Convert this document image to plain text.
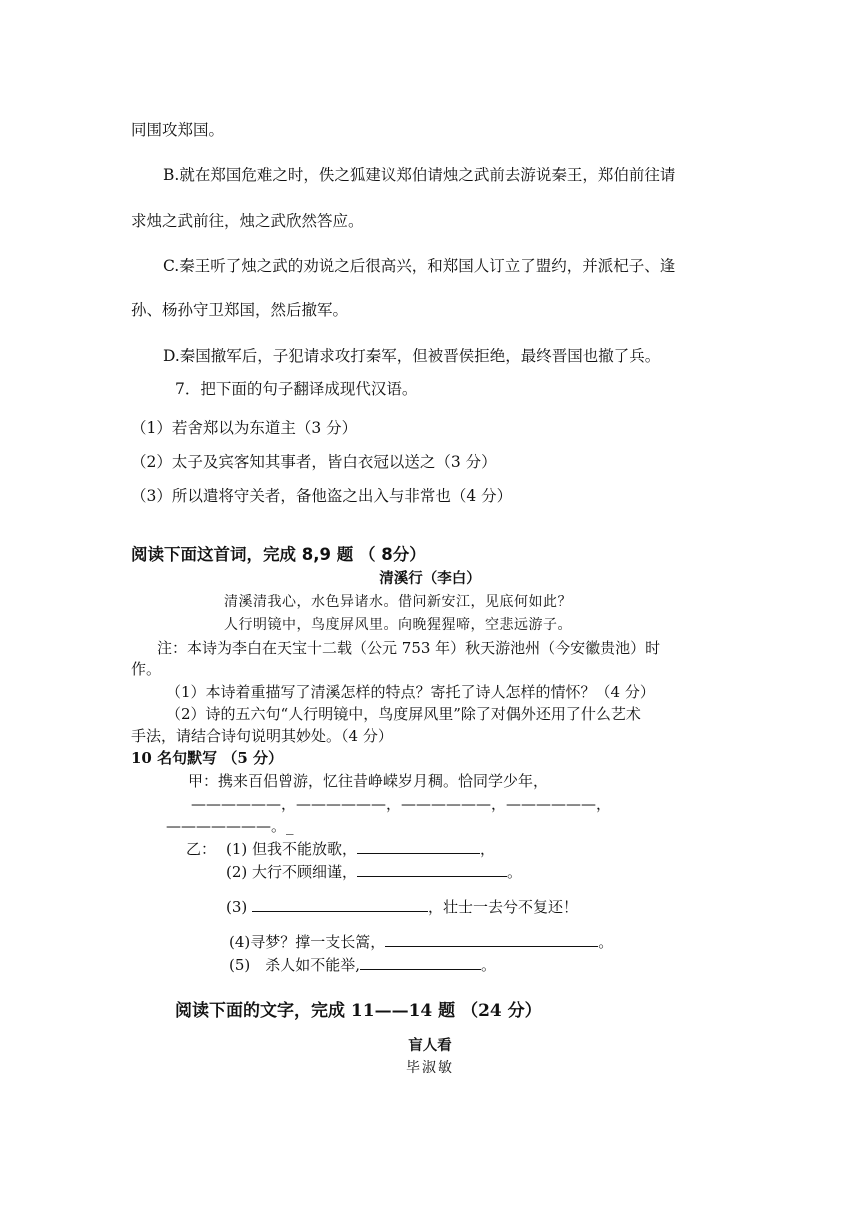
同围攻郑国。
B.就在郑国危难之时，佚之狐建议郑伯请烛之武前去游说秦王，郑伯前往请
求烛之武前往，烛之武欣然答应。
C.秦王听了烛之武的劝说之后很高兴，和郑国人订立了盟约，并派杞子、逢
孙、杨孙守卫郑国，然后撤军。
D.秦国撤军后，子犯请求攻打秦军，但被晋侯拒绝，最终晋国也撤了兵。
7．把下面的句子翻译成现代汉语。
（1）若舍郑以为东道主（3 分）
（2）太子及宾客知其事者，皆白衣冠以送之（3 分）
（3）所以遣将守关者，备他盗之出入与非常也（4 分）
阅读下面这首词，完成 8,9 题 （ 8分）
清溪行（李白）
清溪清我心，水色异诸水。借问新安江，见底何如此？
人行明镜中，鸟度屏风里。向晚猩猩啼，空悲远游子。
注：本诗为李白在天宝十二载（公元 753 年）秋天游池州（今安徽贵池）时
作。
（1）本诗着重描写了清溪怎样的特点？寄托了诗人怎样的情怀？（4 分）
（2）诗的五六句“人行明镜中，鸟度屏风里”除了对偶外还用了什么艺术
手法，请结合诗句说明其妙处。（4 分）
10 名句默写 （5 分）
甲：携来百侣曾游，忆往昔峥嵘岁月稠。恰同学少年，
——————，——————，——————，——————，
———————。_
乙： (1) 但我不能放歌，	，
(2) 大行不顾细谨，	。
(3)	，壮士一去兮不复还！
(4)寻梦？撑一支长篙，	。
(5)　杀人如不能举,	。
阅读下面的文字，完成 11——14 题 （24 分）
盲人看
毕淑敏
